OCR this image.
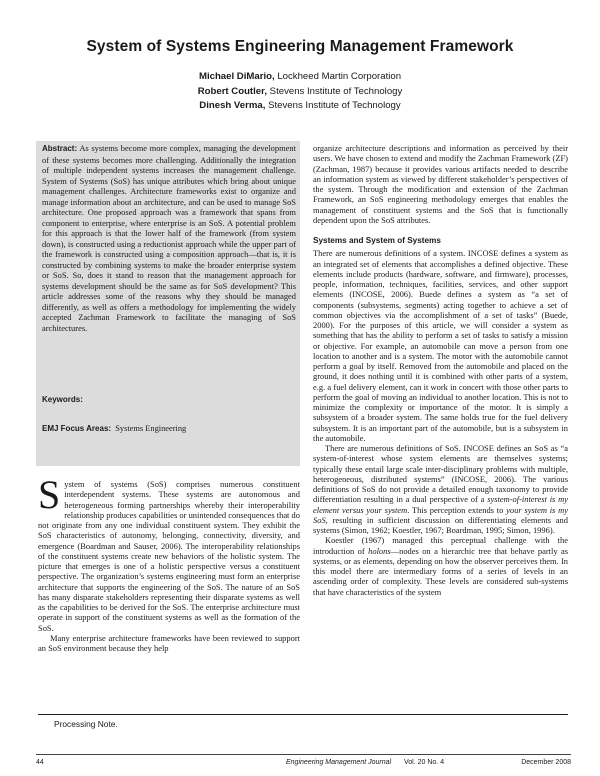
System of Systems Engineering Management Framework
Michael DiMario, Lockheed Martin Corporation
Robert Coutler, Stevens Institute of Technology
Dinesh Verma, Stevens Institute of Technology
Abstract: As systems become more complex, managing the development of these systems becomes more challenging. Additionally the integration of multiple independent systems increases the management challenge. System of Systems (SoS) has unique attributes which bring about unique management challenges. Architecture frameworks exist to organize and manage information about an architecture, and can be used to manage SoS architecture. One proposed approach was a framework that spans from component to enterprise, where enterprise is an SoS. A potential problem for this approach is that the lower half of the framework (from system down), is constructed using a reductionist approach while the upper part of the framework is constructed using a composition approach—that is, it is constructed by combining systems to make the broader enterprise system or SoS. So, does it stand to reason that the management approach for systems development should be the same as for SoS development? This article addresses some of the reasons why they should be managed differently, as well as offers a methodology for implementing the widely accepted Zachman Framework to facilitate the managing of SoS architectures.
Keywords:
EMJ Focus Areas: Systems Engineering

System of systems (SoS) comprises numerous constituent interdependent systems. These systems are autonomous and heterogeneous forming partnerships whereby their interoperability relationship produces capabilities or unintended consequences that do not originate from any one individual constituent system. They exhibit the SoS characteristics of autonomy, belonging, connectivity, diversity, and emergence (Boardman and Sauser, 2006). The interoperability relationships of the constituent systems create new behaviors of the holistic system. The picture that emerges is one of a holistic perspective versus a constituent perspective. The organization’s systems engineering must form an enterprise architecture that supports the engineering of the SoS. The nature of an SoS has many disparate stakeholders representing their disparate systems as well as the capabilities to be derived for the SoS. The enterprise architecture must operate in support of the constituent systems as well as the formation of the SoS.

Many enterprise architecture frameworks have been reviewed to support an SoS environment because they help

organize architecture descriptions and information as perceived by their users. We have chosen to extend and modify the Zachman Framework (ZF) (Zachman, 1987) because it provides various artifacts needed to describe an information system as viewed by different stakeholder’s perspectives of the system. Through the modification and extension of the Zachman Framework, an SoS engineering methodology emerges that enables the management of constituent systems and the SoS that is functionally dependent upon the SoS attributes.

Systems and System of Systems

There are numerous definitions of a system. INCOSE defines a system as an integrated set of elements that accomplishes a defined objective. These elements include products (hardware, software, and firmware), processes, people, information, techniques, facilities, services, and other support elements (INCOSE, 2006). Buede defines a system as “a set of components (subsystems, segments) acting together to achieve a set of common objectives via the accomplishment of a set of tasks” (Buede, 2000). For the purposes of this article, we will consider a system as something that has the ability to perform a set of tasks to satisfy a mission or objective. For example, an automobile can move a person from one location to another and is a system. The motor with the automobile cannot perform a goal by itself. Removed from the automobile and placed on the ground, it does nothing until it is combined with other parts of a system, e.g. a fuel delivery element, can it work in concert with those other parts to perform the goal of moving an individual to another location. This is not to minimize the complexity or importance of the motor. It is simply a subsystem of a broader system. The same holds true for the fuel delivery subsystem. It is an important part of the automobile, but is a subsystem in the automobile.

There are numerous definitions of SoS. INCOSE defines an SoS as “a system-of-interest whose system elements are themselves systems; typically these entail large scale inter-disciplinary problems with multiple, heterogeneous, distributed systems” (INCOSE, 2006). The various definitions of SoS do not provide a detailed enough taxonomy to provide differentiation resulting in a dual perspective of a system-of-interest is my element versus your system. This perception extends to your system is my SoS, resulting in sufficient discussion on differentiating elements and systems (Simon, 1962; Koestler, 1967; Boardman, 1995; Simon, 1996).

Koestler (1967) managed this perceptual challenge with the introduction of holons—nodes on a hierarchic tree that behave partly as systems, or as elements, depending on how the observer perceives them. In this model there are intermediary forms of a series of levels in an ascending order of complexity. These levels are considered sub-systems that have characteristics of the system

Processing Note.
44	Engineering Management Journal Vol. 20 No. 4	December 2008
